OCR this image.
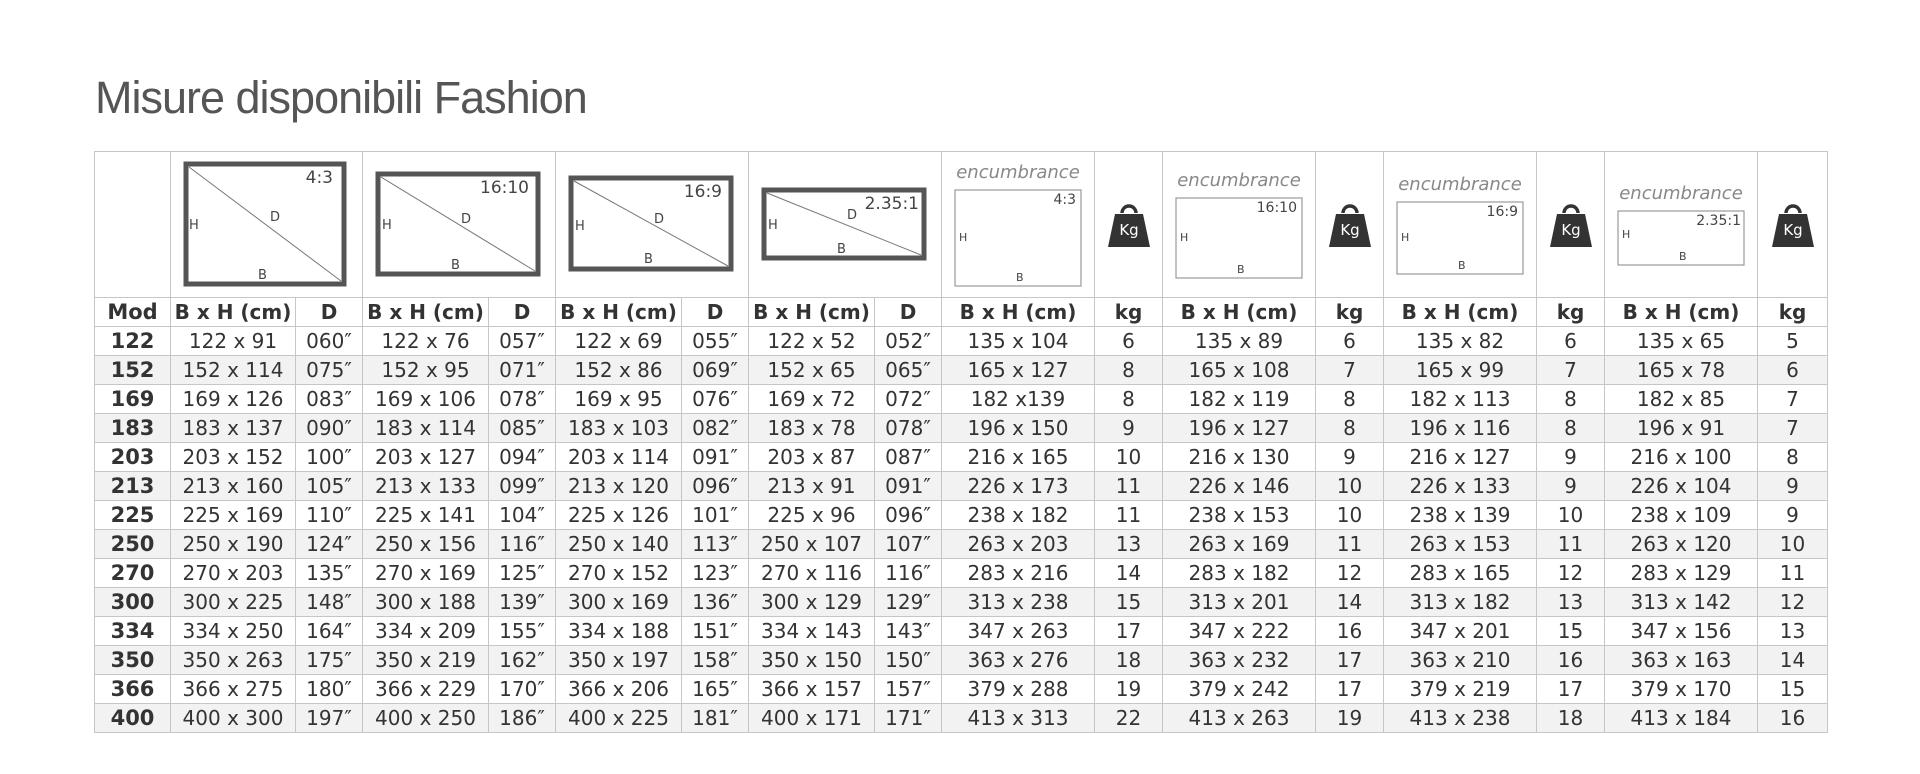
Misure disponibili Fashion

4:3
H
D
B		16:10
H D
B		16:9
H D
B		2.35:1
H
D
B		encumbrance
4:3
H
B	Kg	encumbrance
16:10
H
B	Kg	encumbrance
16:9
H
B	Kg	encumbrance
2.35:1
H
B	Kg

Mod	B x H (cm)	D	B x H (cm)	D	B x H (cm)	D	B x H (cm)	D	B x H (cm)	kg	B x H (cm)	kg	B x H (cm)	kg	B x H (cm)	kg
122	122 x 91	060″	122 x 76	057″	122 x 69	055″	122 x 52	052″	135 x 104	6	135 x 89	6	135 x 82	6	135 x 65	5
152	152 x 114	075″	152 x 95	071″	152 x 86	069″	152 x 65	065″	165 x 127	8	165 x 108	7	165 x 99	7	165 x 78	6
169	169 x 126	083″	169 x 106	078″	169 x 95	076″	169 x 72	072″	182 x139	8	182 x 119	8	182 x 113	8	182 x 85	7
183	183 x 137	090″	183 x 114	085″	183 x 103	082″	183 x 78	078″	196 x 150	9	196 x 127	8	196 x 116	8	196 x 91	7
203	203 x 152	100″	203 x 127	094″	203 x 114	091″	203 x 87	087″	216 x 165	10	216 x 130	9	216 x 127	9	216 x 100	8
213	213 x 160	105″	213 x 133	099″	213 x 120	096″	213 x 91	091″	226 x 173	11	226 x 146	10	226 x 133	9	226 x 104	9
225	225 x 169	110″	225 x 141	104″	225 x 126	101″	225 x 96	096″	238 x 182	11	238 x 153	10	238 x 139	10	238 x 109	9
250	250 x 190	124″	250 x 156	116″	250 x 140	113″	250 x 107	107″	263 x 203	13	263 x 169	11	263 x 153	11	263 x 120	10
270	270 x 203	135″	270 x 169	125″	270 x 152	123″	270 x 116	116″	283 x 216	14	283 x 182	12	283 x 165	12	283 x 129	11
300	300 x 225	148″	300 x 188	139″	300 x 169	136″	300 x 129	129″	313 x 238	15	313 x 201	14	313 x 182	13	313 x 142	12
334	334 x 250	164″	334 x 209	155″	334 x 188	151″	334 x 143	143″	347 x 263	17	347 x 222	16	347 x 201	15	347 x 156	13
350	350 x 263	175″	350 x 219	162″	350 x 197	158″	350 x 150	150″	363 x 276	18	363 x 232	17	363 x 210	16	363 x 163	14
366	366 x 275	180″	366 x 229	170″	366 x 206	165″	366 x 157	157″	379 x 288	19	379 x 242	17	379 x 219	17	379 x 170	15
400	400 x 300	197″	400 x 250	186″	400 x 225	181″	400 x 171	171″	413 x 313	22	413 x 263	19	413 x 238	18	413 x 184	16
